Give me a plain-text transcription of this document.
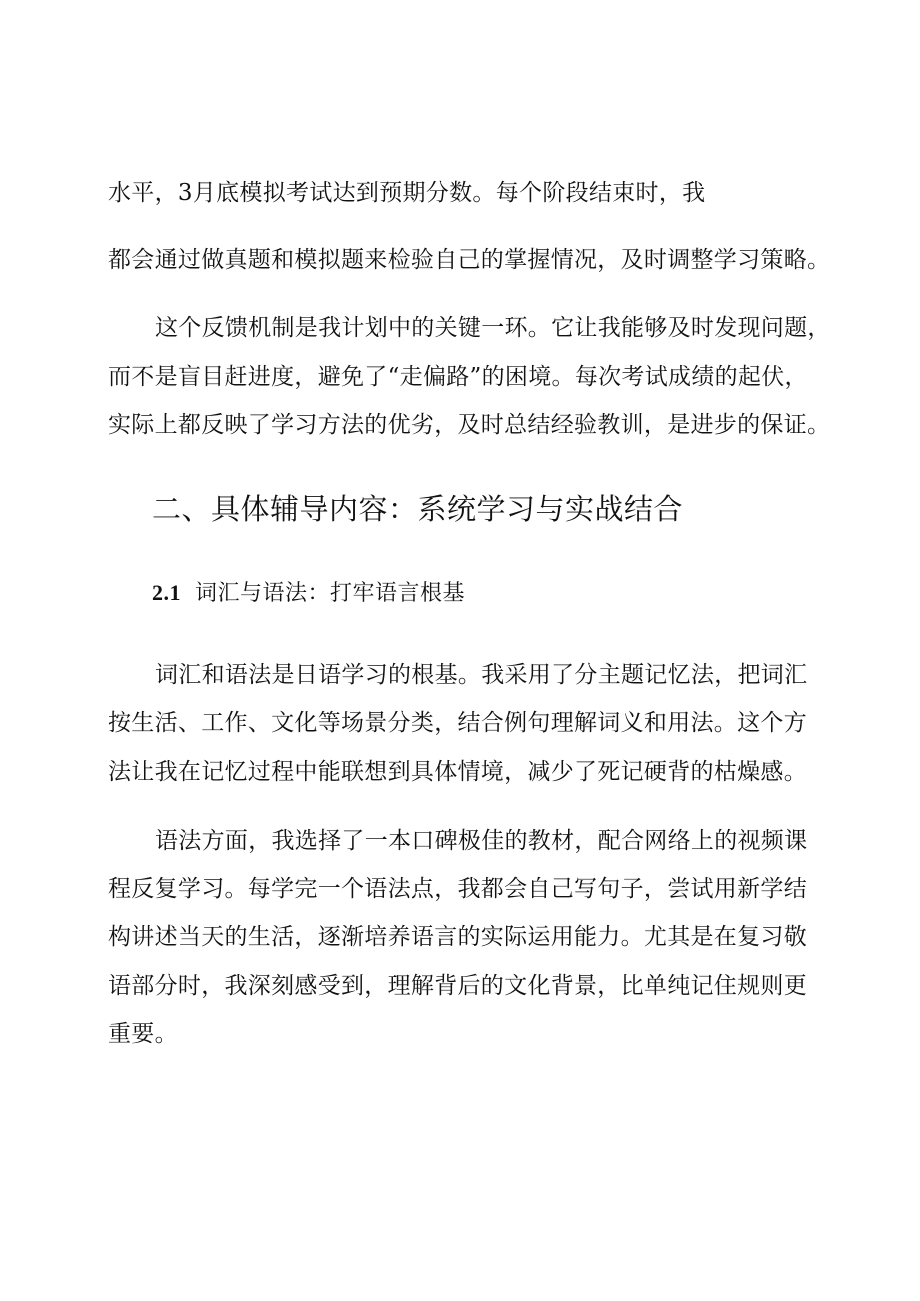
水平，3月底模拟考试达到预期分数。每个阶段结束时，我
都会通过做真题和模拟题来检验自己的掌握情况，及时调整学习策略。
这个反馈机制是我计划中的关键一环。它让我能够及时发现问题，
而不是盲目赶进度，避免了“走偏路”的困境。每次考试成绩的起伏，
实际上都反映了学习方法的优劣，及时总结经验教训，是进步的保证。
二、具体辅导内容：系统学习与实战结合
2.1 词汇与语法：打牢语言根基
词汇和语法是日语学习的根基。我采用了分主题记忆法，把词汇
按生活、工作、文化等场景分类，结合例句理解词义和用法。这个方
法让我在记忆过程中能联想到具体情境，减少了死记硬背的枯燥感。
语法方面，我选择了一本口碑极佳的教材，配合网络上的视频课
程反复学习。每学完一个语法点，我都会自己写句子，尝试用新学结
构讲述当天的生活，逐渐培养语言的实际运用能力。尤其是在复习敬
语部分时，我深刻感受到，理解背后的文化背景，比单纯记住规则更
重要。
